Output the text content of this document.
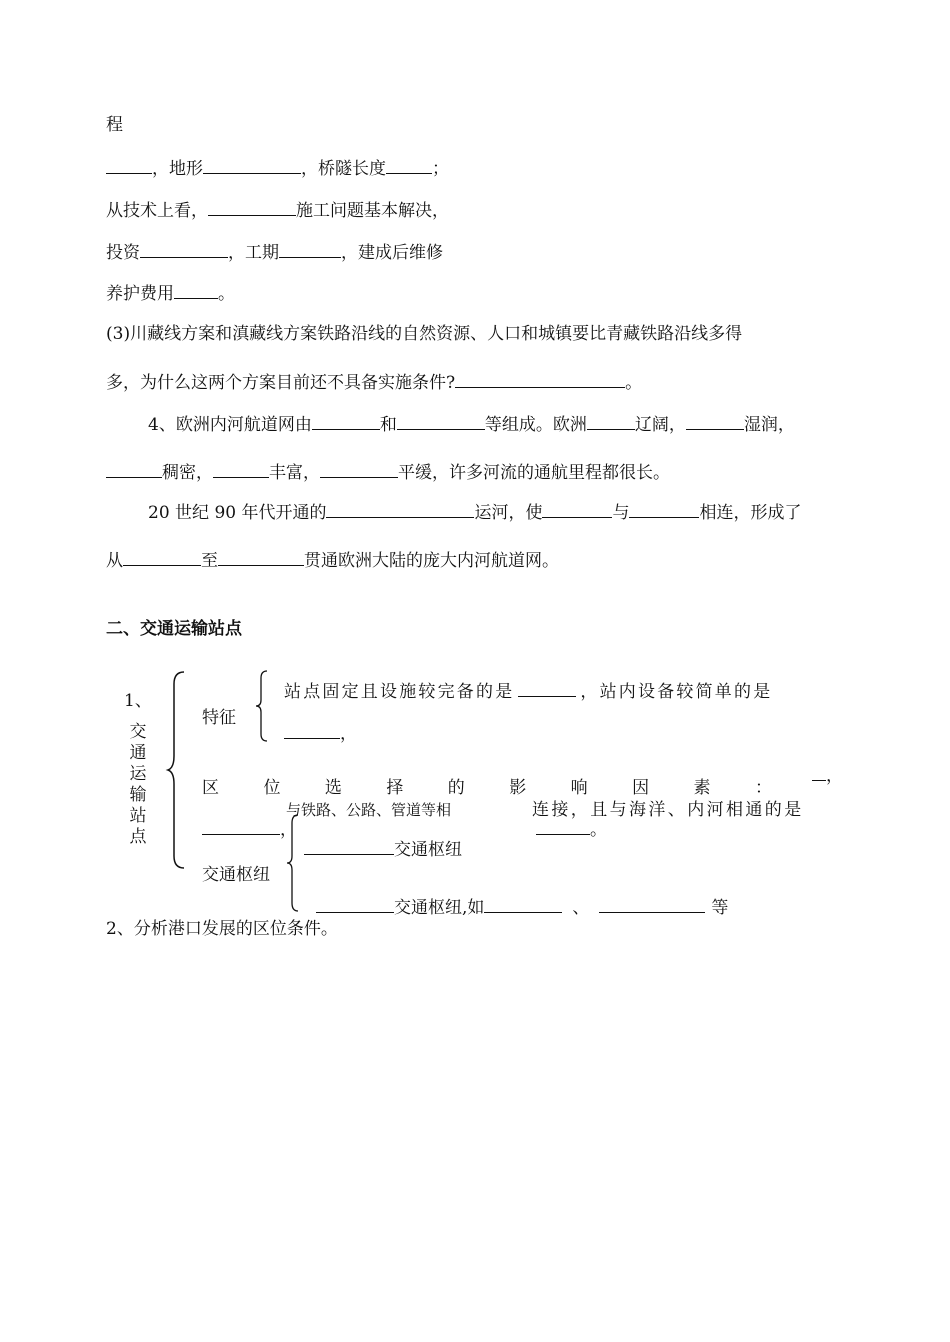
程
，地形	，桥隧长度	；
从技术上看，	施工问题基本解决，
投资	，工期	，建成后维修
养护费用	。
(3)川藏线方案和滇藏线方案铁路沿线的自然资源、人口和城镇要比青藏铁路沿线多得
多，为什么这两个方案目前还不具备实施条件?	。
4、欧洲内河航道网由	和	等组成。欧洲	辽阔，	湿润，
稠密，	丰富，	平缓，许多河流的通航里程都很长。
20 世纪 90 年代开通的	运河，使	与	相连，形成了
从	至	贯通欧洲大陆的庞大内河航道网。
二、交通运输站点
1、
交
通
运
输
站
点
特征
站点固定且设施较完备的是	，站内设备较简单的是
，
区	位	选	择	的	影	响	因	素	：
，
与铁路、公路、管道等相	连接，且与海洋、内河相通的是
，	。
交通枢纽
交通枢纽
交通枢纽,如	、	等
2、分析港口发展的区位条件。
